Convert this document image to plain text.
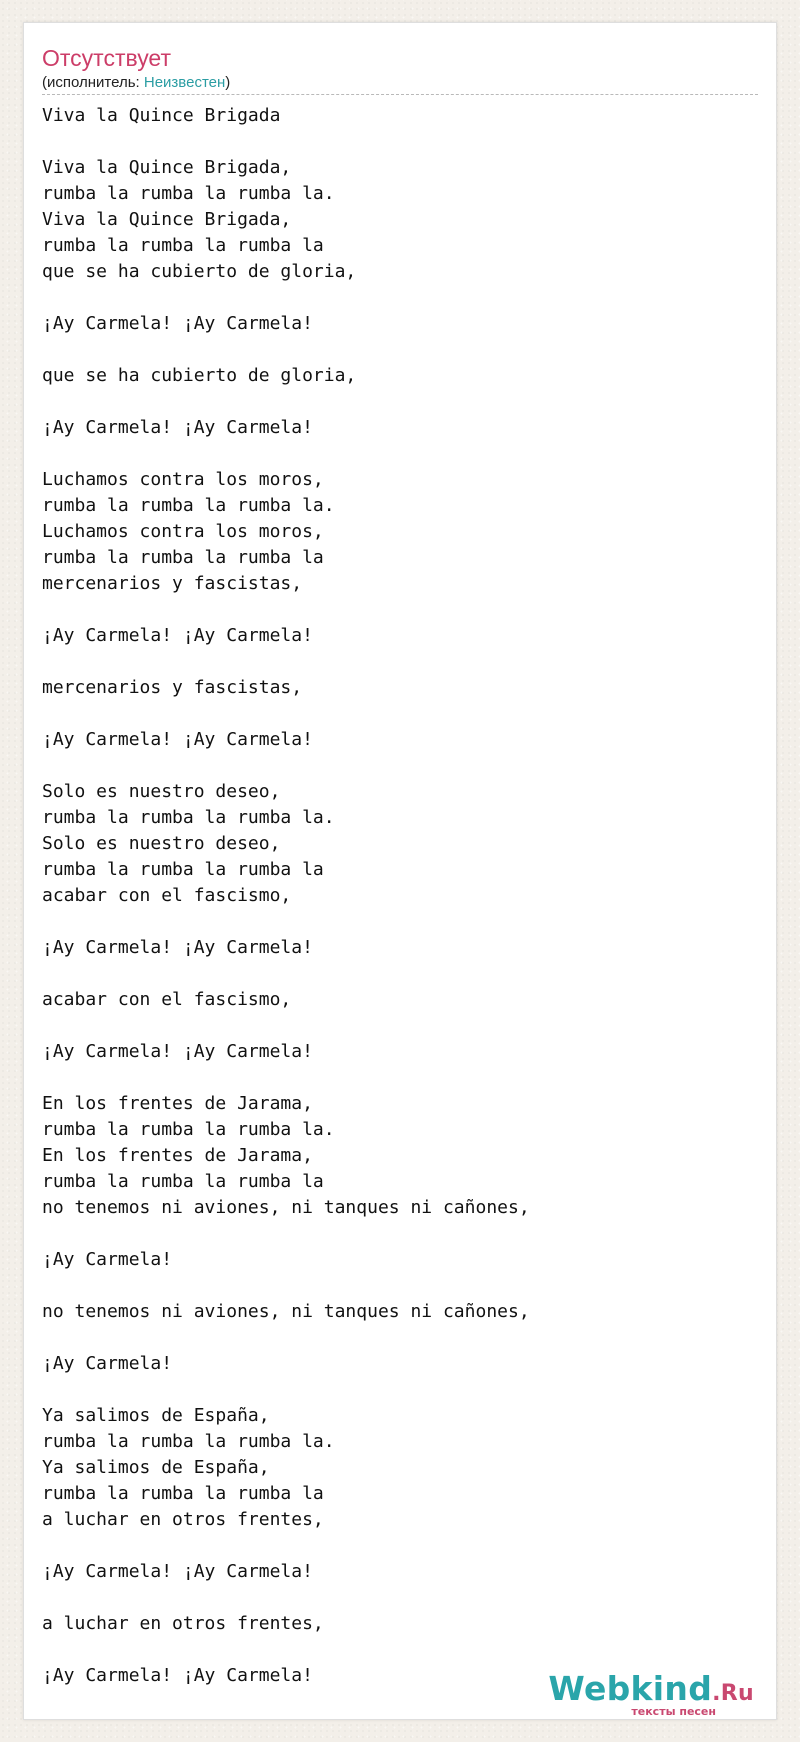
Отсутствует
(исполнитель: Неизвестен)
Viva la Quince Brigada

Viva la Quince Brigada,
rumba la rumba la rumba la.
Viva la Quince Brigada,
rumba la rumba la rumba la
que se ha cubierto de gloria,

¡Ay Carmela! ¡Ay Carmela!

que se ha cubierto de gloria,

¡Ay Carmela! ¡Ay Carmela!

Luchamos contra los moros,
rumba la rumba la rumba la.
Luchamos contra los moros,
rumba la rumba la rumba la
mercenarios y fascistas,

¡Ay Carmela! ¡Ay Carmela!

mercenarios y fascistas,

¡Ay Carmela! ¡Ay Carmela!

Solo es nuestro deseo,
rumba la rumba la rumba la.
Solo es nuestro deseo,
rumba la rumba la rumba la
acabar con el fascismo,

¡Ay Carmela! ¡Ay Carmela!

acabar con el fascismo,

¡Ay Carmela! ¡Ay Carmela!

En los frentes de Jarama,
rumba la rumba la rumba la.
En los frentes de Jarama,
rumba la rumba la rumba la
no tenemos ni aviones, ni tanques ni cañones,

¡Ay Carmela!

no tenemos ni aviones, ni tanques ni cañones,

¡Ay Carmela!

Ya salimos de España,
rumba la rumba la rumba la.
Ya salimos de España,
rumba la rumba la rumba la
a luchar en otros frentes,

¡Ay Carmela! ¡Ay Carmela!

a luchar en otros frentes,

¡Ay Carmela! ¡Ay Carmela!	Webkind.Ru
тексты песен
